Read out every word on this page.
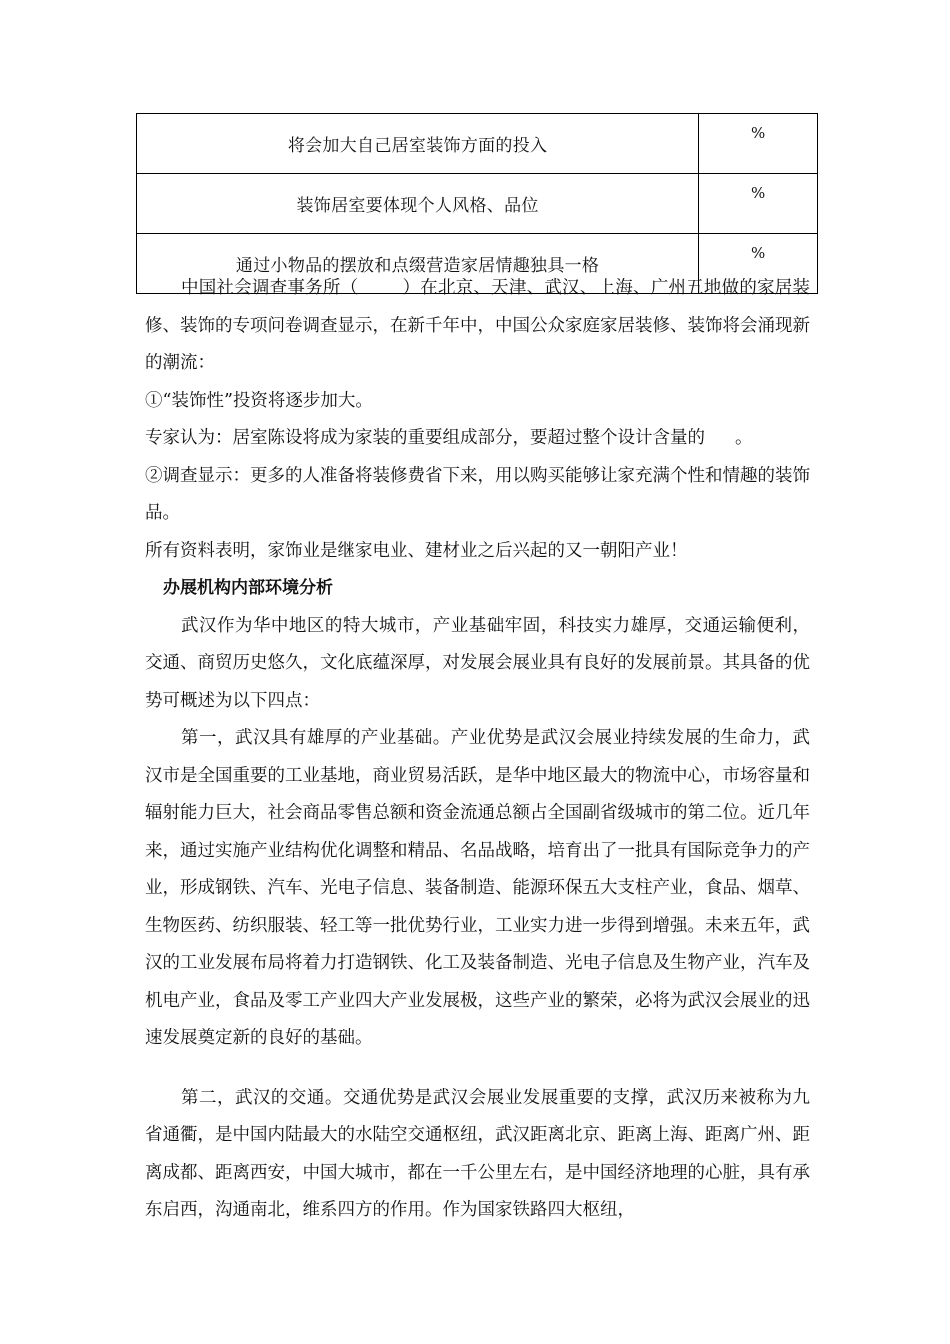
将会加大自己居室装饰方面的投入	%
装饰居室要体现个人风格、品位	%
通过小物品的摆放和点缀营造家居情趣独具一格	%

中国社会调查事务所（	）在北京、天津、武汉、上海、广州五地做的家居装修、装饰的专项问卷调查显示，在新千年中，中国公众家庭家居装修、装饰将会涌现新的潮流：

①“装饰性”投资将逐步加大。

专家认为：居室陈设将成为家装的重要组成部分，要超过整个设计含量的 。

②调查显示：更多的人准备将装修费省下来，用以购买能够让家充满个性和情趣的装饰品。

所有资料表明，家饰业是继家电业、建材业之后兴起的又一朝阳产业！

办展机构内部环境分析

武汉作为华中地区的特大城市，产业基础牢固，科技实力雄厚，交通运输便利，交通、商贸历史悠久，文化底蕴深厚，对发展会展业具有良好的发展前景。其具备的优势可概述为以下四点：

第一，武汉具有雄厚的产业基础。产业优势是武汉会展业持续发展的生命力，武汉市是全国重要的工业基地，商业贸易活跃，是华中地区最大的物流中心，市场容量和辐射能力巨大，社会商品零售总额和资金流通总额占全国副省级城市的第二位。近几年来，通过实施产业结构优化调整和精品、名品战略，培育出了一批具有国际竞争力的产业，形成钢铁、汽车、光电子信息、装备制造、能源环保五大支柱产业，食品、烟草、生物医药、纺织服装、轻工等一批优势行业，工业实力进一步得到增强。未来五年，武汉的工业发展布局将着力打造钢铁、化工及装备制造、光电子信息及生物产业，汽车及机电产业，食品及零工产业四大产业发展极，这些产业的繁荣，必将为武汉会展业的迅速发展奠定新的良好的基础。

第二，武汉的交通。交通优势是武汉会展业发展重要的支撑，武汉历来被称为九省通衢，是中国内陆最大的水陆空交通枢纽，武汉距离北京、距离上海、距离广州、距离成都、距离西安，中国大城市，都在一千公里左右，是中国经济地理的心脏，具有承东启西，沟通南北，维系四方的作用。作为国家铁路四大枢纽，
